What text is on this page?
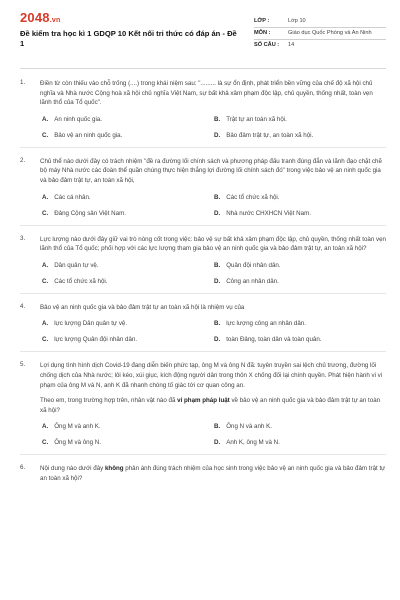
2048.vn
Đề kiểm tra học kì 1 GDQP 10 Kết nối tri thức có đáp án - Đề 1
LỚP :	Lớp 10
MÔN :	Giáo dục Quốc Phòng và An Ninh
SỐ CÂU :	14
1. Điền từ còn thiếu vào chỗ trống (....) trong khái niệm sau: "......... là sự ổn định, phát triển bền vững của chế độ xã hội chủ nghĩa và Nhà nước Cộng hoà xã hội chủ nghĩa Việt Nam, sự bất khả xâm phạm độc lập, chủ quyền, thống nhất, toàn vẹn lãnh thổ của Tổ quốc".

A. An ninh quốc gia.	B. Trật tự an toàn xã hội.
C. Bảo vệ an ninh quốc gia.	D. Bảo đảm trật tự, an toàn xã hội.
2. Chủ thể nào dưới đây có trách nhiệm "đề ra đường lối chính sách và phương pháp đấu tranh đúng đắn và lãnh đạo chặt chẽ bộ máy Nhà nước các đoàn thể quần chúng thực hiện thắng lợi đường lối chính sách đó" trong việc bảo vệ an ninh quốc gia và bảo đảm trật tự, an toàn xã hội,

A. Các cá nhân.	B. Các tổ chức xã hội.
C. Đảng Cộng sản Việt Nam.	D. Nhà nước CHXHCN Việt Nam.
3. Lực lượng nào dưới đây giữ vai trò nòng cốt trong việc: bảo vệ sự bất khả xâm phạm độc lập, chủ quyền, thống nhất toàn vẹn lãnh thổ của Tổ quốc; phối hợp với các lực lượng tham gia bảo vệ an ninh quốc gia và bảo đảm trật tự, an toàn xã hội?

A. Dân quân tự vệ.	B. Quân đội nhân dân.
C. Các tổ chức xã hội.	D. Công an nhân dân.
4. Bảo vệ an ninh quốc gia và bảo đảm trật tự an toàn xã hội là nhiệm vụ của

A. lực lượng Dân quân tự vệ.	B. lực lượng công an nhân dân.
C. lực lượng Quân đội nhân dân.	D. toàn Đảng, toàn dân và toàn quân.
5. Lợi dụng tình hình dịch Covid-19 đang diễn biến phức tạp, ông M và ông N đã: tuyên truyền sai lệch chủ trương, đường lối chống dịch của Nhà nước; lôi kéo, xúi giục, kích động người dân trong thôn X chống đối lại chính quyền. Phát hiện hành vi vi phạm của ông M và N, anh K đã nhanh chóng tố giác tới cơ quan công an.

Theo em, trong trường hợp trên, nhân vật nào đã vi phạm pháp luật về bảo vệ an ninh quốc gia và bảo đảm trật tự an toàn xã hội?

A. Ông M và anh K.	B. Ông N và anh K.
C. Ông M và ông N.	D. Anh K, ông M và N.
6. Nội dung nào dưới đây không phản ánh đúng trách nhiệm của học sinh trong việc bảo vệ an ninh quốc gia và bảo đảm trật tự an toàn xã hội?
